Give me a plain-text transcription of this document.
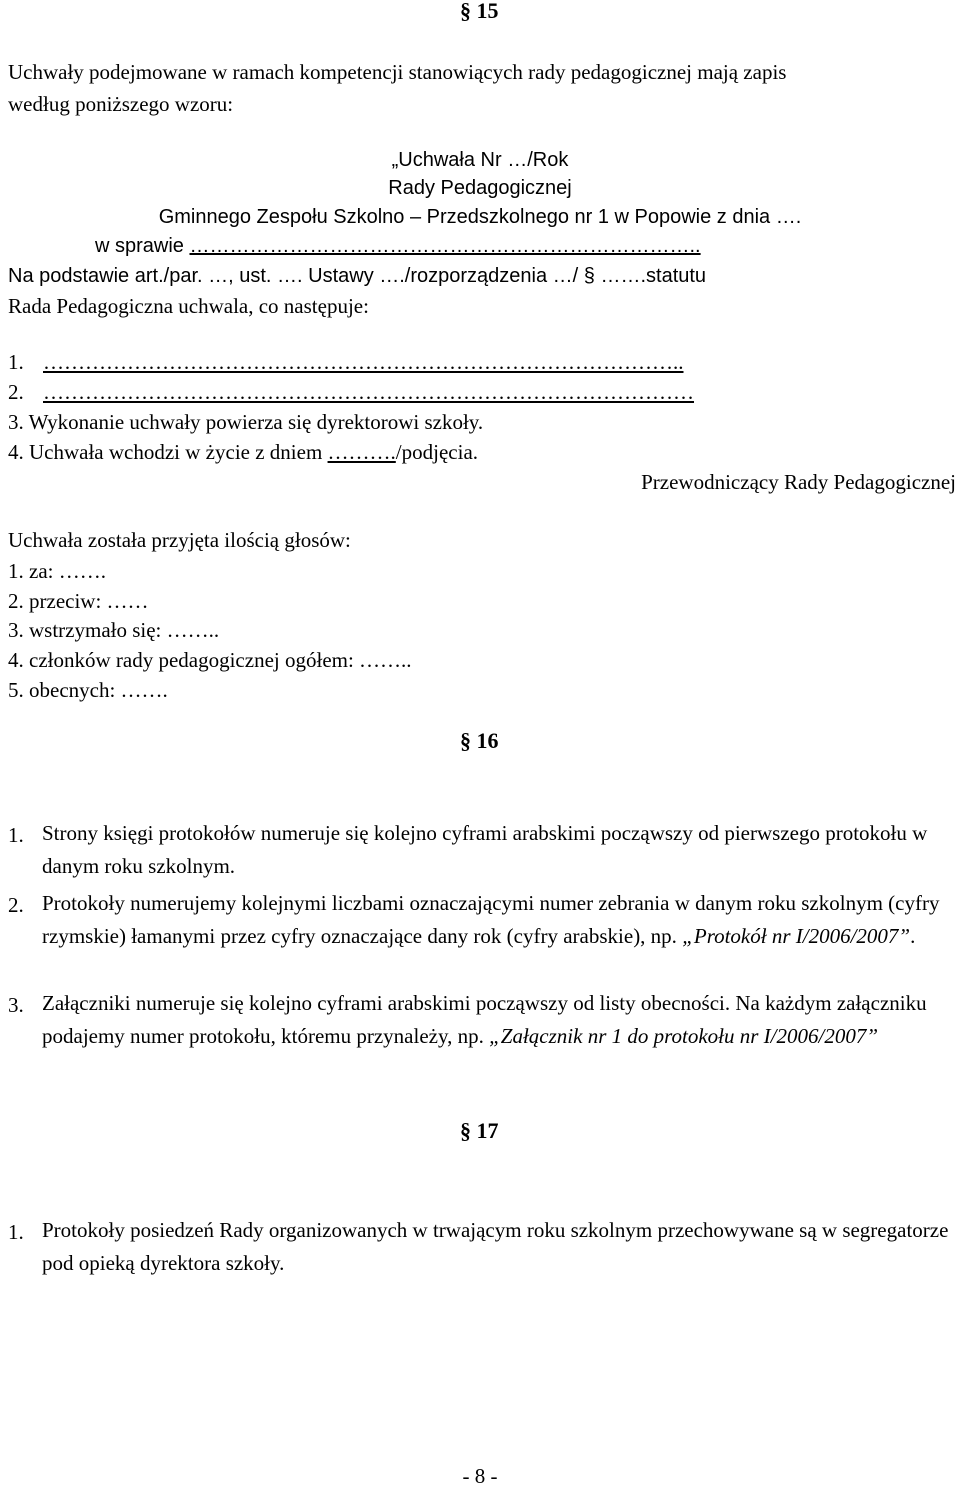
§ 15
Uchwały podejmowane w ramach kompetencji stanowiących rady pedagogicznej mają zapis
według poniższego wzoru:
„Uchwała Nr …/Rok
Rady Pedagogicznej
Gminnego Zespołu Szkolno – Przedszkolnego nr 1 w Popowie z dnia ….
w sprawie …………………………………………………………………..
Na podstawie art./par. …, ust. …. Ustawy …./rozporządzenia …/ § …….statutu
Rada Pedagogiczna uchwala, co następuje:
1. ………………………………………………………………………………..
2. …………………………………………………………………………………
3. Wykonanie uchwały powierza się dyrektorowi szkoły.
4. Uchwała wchodzi w życie z dniem ………./podjęcia.
Przewodniczący Rady Pedagogicznej
Uchwała została przyjęta ilością głosów:
1. za: …….
2. przeciw: ……
3. wstrzymało się: ……..
4. członków rady pedagogicznej ogółem: ……..
5. obecnych: …….
§ 16
1. Strony księgi protokołów numeruje się kolejno cyframi arabskimi począwszy od pierwszego protokołu w danym roku szkolnym.
2. Protokoły numerujemy kolejnymi liczbami oznaczającymi numer zebrania w danym roku szkolnym (cyfry rzymskie) łamanymi przez cyfry oznaczające dany rok (cyfry arabskie), np. „Protokół nr I/2006/2007”.
3. Załączniki numeruje się kolejno cyframi arabskimi począwszy od listy obecności. Na każdym załączniku podajemy numer protokołu, któremu przynależy, np. „Załącznik nr 1 do protokołu nr I/2006/2007”
§ 17
1. Protokoły posiedzeń Rady organizowanych w trwającym roku szkolnym przechowywane są w segregatorze pod opieką dyrektora szkoły.
- 8 -
